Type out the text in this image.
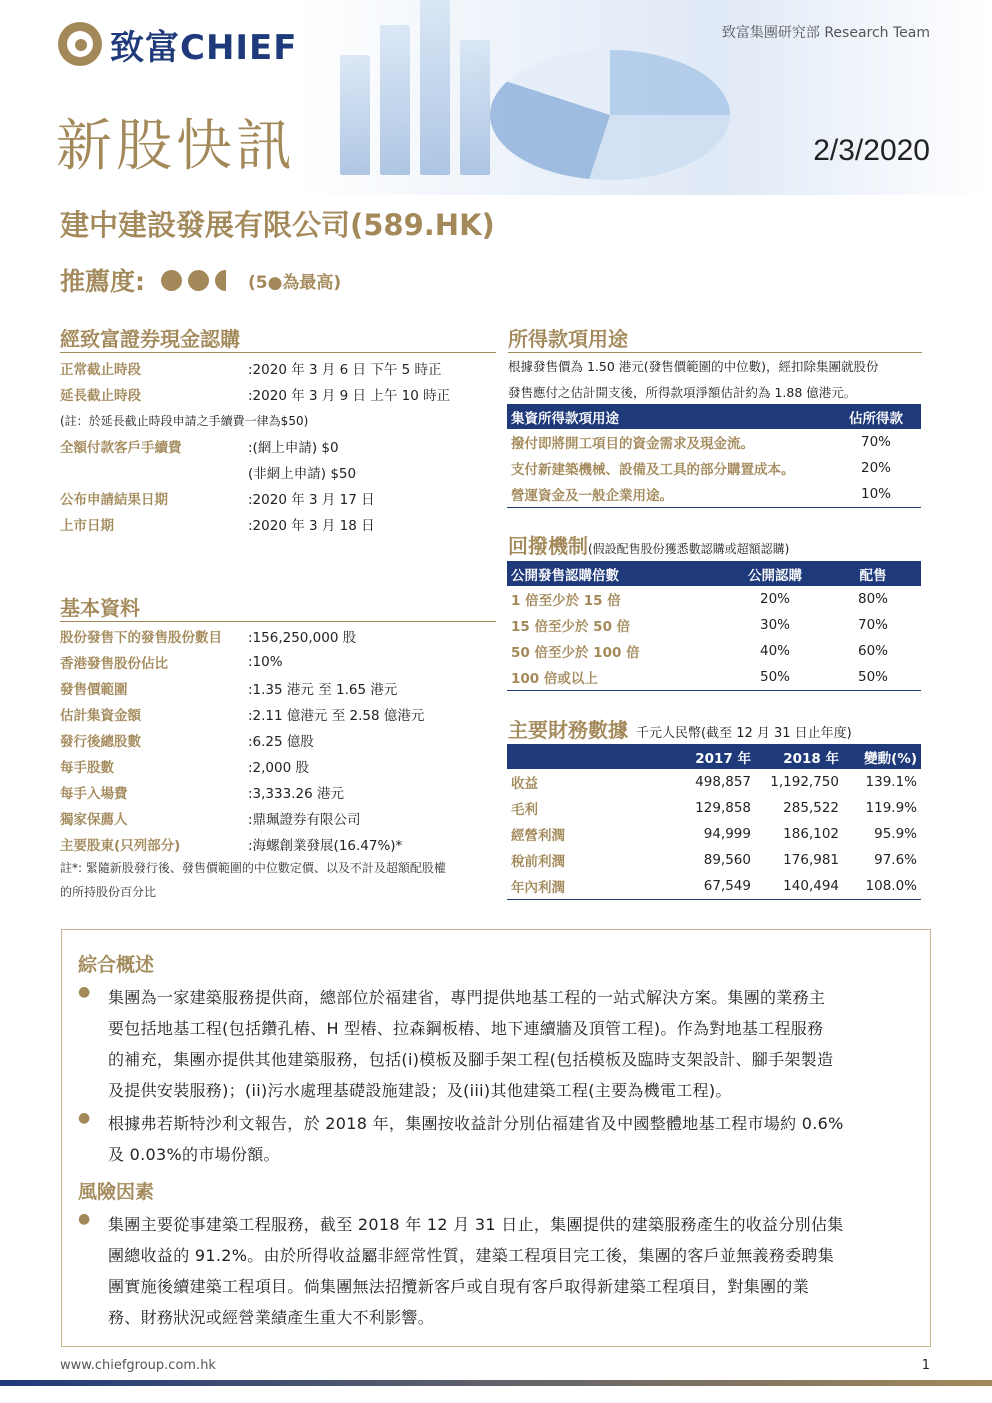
致富CHIEF	致富集團研究部 Research Team
新股快訊	2/3/2020
建中建設發展有限公司(589.HK)
推薦度:	(5●為最高)
經致富證券現金認購
正常截止時段	:2020 年 3 月 6 日 下午 5 時正
延長截止時段	:2020 年 3 月 9 日 上午 10 時正
(註：於延長截止時段申請之手續費一律為$50)
全額付款客戶手續費	:(網上申請) $0
(非網上申請) $50
公布申請結果日期	:2020 年 3 月 17 日
上市日期	:2020 年 3 月 18 日
基本資料
股份發售下的發售股份數目	:156,250,000 股
香港發售股份佔比	:10%
發售價範圍	:1.35 港元 至 1.65 港元
估計集資金額	:2.11 億港元 至 2.58 億港元
發行後總股數	:6.25 億股
每手股數	:2,000 股
每手入場費	:3,333.26 港元
獨家保薦人	:鼎珮證券有限公司
主要股東(只列部分)	:海螺創業發展(16.47%)*
註*: 緊隨新股發行後、發售價範圍的中位數定價、以及不計及超額配股權
的所持股份百分比
所得款項用途
根據發售價為 1.50 港元(發售價範圍的中位數)，經扣除集團就股份
發售應付之估計開支後，所得款項淨額估計約為 1.88 億港元。
集資所得款項用途	佔所得款
撥付即將開工項目的資金需求及現金流。	70%
支付新建築機械、設備及工具的部分購置成本。	20%
營運資金及一般企業用途。	10%
回撥機制(假設配售股份獲悉數認購或超額認購)
公開發售認購倍數	公開認購	配售
1 倍至少於 15 倍	20%	80%
15 倍至少於 50 倍	30%	70%
50 倍至少於 100 倍	40%	60%
100 倍或以上	50%	50%
主要財務數據 千元人民幣(截至 12 月 31 日止年度)
	2017 年	2018 年	變動(%)
收益	498,857	1,192,750	139.1%
毛利	129,858	285,522	119.9%
經營利潤	94,999	186,102	95.9%
稅前利潤	89,560	176,981	97.6%
年內利潤	67,549	140,494	108.0%
綜合概述
●	集團為一家建築服務提供商，總部位於福建省，專門提供地基工程的一站式解決方案。集團的業務主
要包括地基工程(包括鑽孔樁、H 型樁、拉森鋼板樁、地下連續牆及頂管工程)。作為對地基工程服務
的補充，集團亦提供其他建築服務，包括(i)模板及腳手架工程(包括模板及臨時支架設計、腳手架製造
及提供安裝服務)；(ii)污水處理基礎設施建設；及(iii)其他建築工程(主要為機電工程)。
●	根據弗若斯特沙利文報告，於 2018 年，集團按收益計分別佔福建省及中國整體地基工程市場約 0.6%
及 0.03%的市場份額。
風險因素
●	集團主要從事建築工程服務，截至 2018 年 12 月 31 日止，集團提供的建築服務產生的收益分別佔集
團總收益的 91.2%。由於所得收益屬非經常性質，建築工程項目完工後，集團的客戶並無義務委聘集
團實施後續建築工程項目。倘集團無法招攬新客戶或自現有客戶取得新建築工程項目，對集團的業
務、財務狀況或經營業績產生重大不利影響。
www.chiefgroup.com.hk	1
